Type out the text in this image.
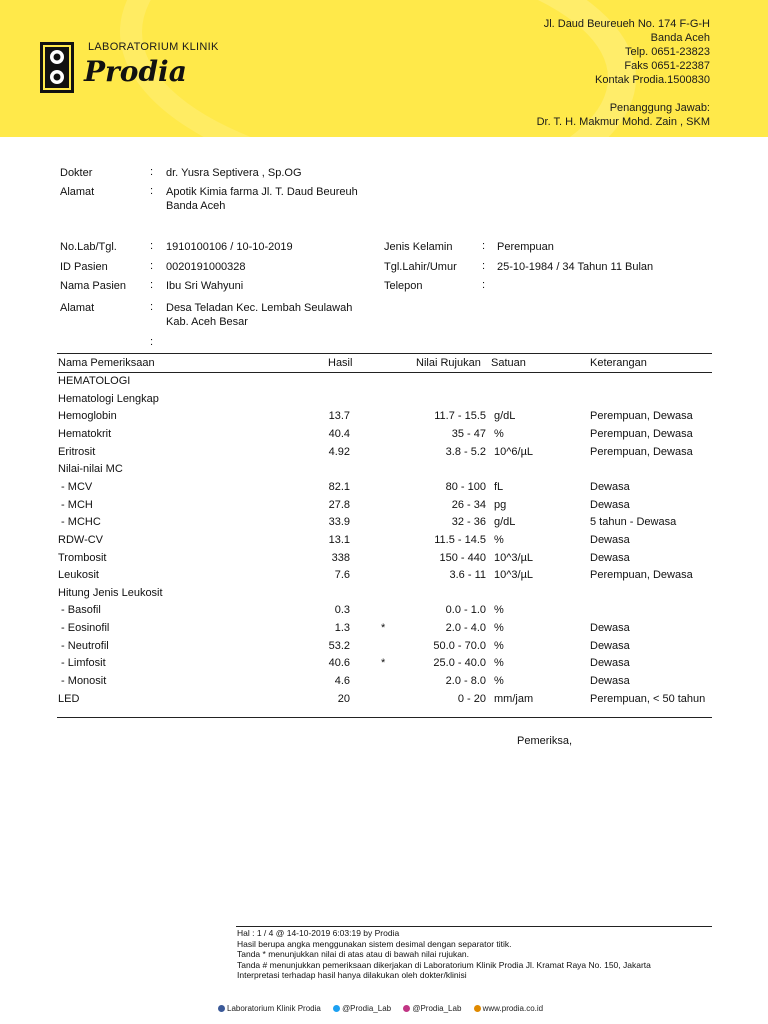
LABORATORIUM KLINIK
Prodia
Jl. Daud Beureueh No. 174 F-G-H
Banda Aceh
Telp. 0651-23823
Faks 0651-22387
Kontak Prodia.1500830
Penanggung Jawab:
Dr. T. H. Makmur Mohd. Zain , SKM
Dokter	: dr. Yusra Septivera , Sp.OG
Alamat	: Apotik Kimia farma Jl. T. Daud Beureuh
Banda Aceh
No.Lab/Tgl.	: 1910100106 / 10-10-2019
ID Pasien	: 0020191000328
Nama Pasien : Ibu Sri Wahyuni
Alamat	: Desa Teladan Kec. Lembah Seulawah
Kab. Aceh Besar
:
Jenis Kelamin	: Perempuan
Tgl.Lahir/Umur : 25-10-1984 / 34 Tahun 11 Bulan
Telepon	:
Nama Pemeriksaan	Hasil	Nilai Rujukan Satuan	Keterangan
HEMATOLOGI
Hematologi Lengkap
Hemoglobin	13.7	11.7 - 15.5 g/dL	Perempuan, Dewasa
Hematokrit	40.4	35 - 47 %	Perempuan, Dewasa
Eritrosit	4.92	3.8 - 5.2 10^6/µL	Perempuan, Dewasa
Nilai-nilai MC
- MCV	82.1	80 - 100 fL	Dewasa
- MCH	27.8	26 - 34 pg	Dewasa
- MCHC	33.9	32 - 36 g/dL	5 tahun - Dewasa
RDW-CV	13.1	11.5 - 14.5 %	Dewasa
Trombosit	338	150 - 440 10^3/µL	Dewasa
Leukosit	7.6	3.6 - 11 10^3/µL	Perempuan, Dewasa
Hitung Jenis Leukosit
- Basofil	0.3	0.0 - 1.0 %
- Eosinofil	1.3	*	2.0 - 4.0 %	Dewasa
- Neutrofil	53.2	50.0 - 70.0 %	Dewasa
- Limfosit	40.6	*	25.0 - 40.0 %	Dewasa
- Monosit	4.6	2.0 - 8.0 %	Dewasa
LED	20	0 - 20 mm/jam	Perempuan, < 50 tahun
Pemeriksa,
Hal : 1 / 4 @ 14-10-2019 6:03:19 by Prodia
Hasil berupa angka menggunakan sistem desimal dengan separator titik.
Tanda * menunjukkan nilai di atas atau di bawah nilai rujukan.
Tanda # menunjukkan pemeriksaan dikerjakan di Laboratorium Klinik Prodia Jl. Kramat Raya No. 150, Jakarta
Interpretasi terhadap hasil hanya dilakukan oleh dokter/klinisi
Laboratorium Klinik Prodia	@Prodia_Lab	@Prodia_Lab	www.prodia.co.id
